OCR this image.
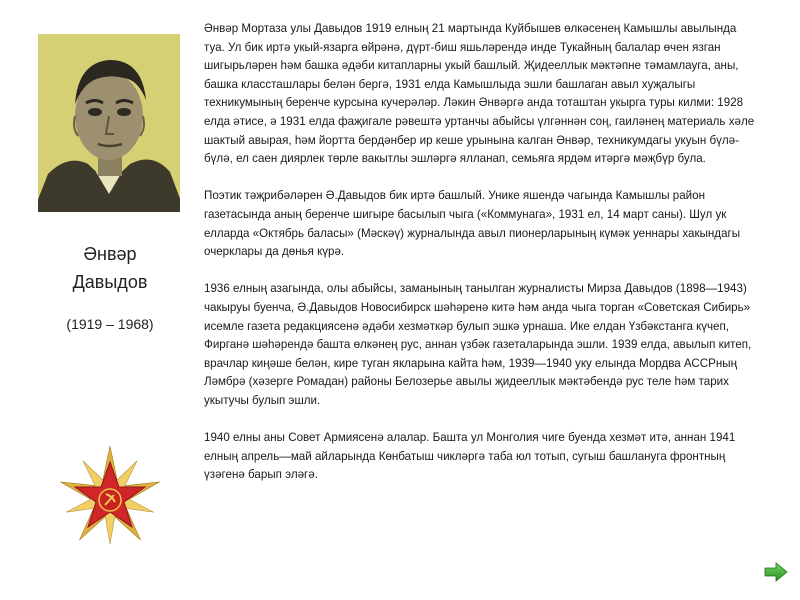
Әнвәр
Давыдов
(1919 – 1968)

Әнвәр Мортаза улы Давыдов 1919 елның 21 мартында Куйбышев өлкәсенең Камышлы авылында туа. Ул бик иртә укый-язарга өйрәнә, дүрт-биш яшьләрендә инде Тукайның балалар өчен язган шигырьләрен һәм башка әдәби китапларны укый башлый. Җидееллык мәктәпне тәмамлауга, аны, башка классташлары белән бергә, 1931 елда Камышлыда эшли башлаган авыл хуҗалыгы техникумының беренче курсына кучерәләр. Ләкин Әнвәргә анда тоташтан укырга туры килми: 1928 елда әтисе, ә 1931 елда фаҗигале рәвештә уртанчы абыйсы үлгәннән соң, гаиләнең материаль хәле шактый авырая, һәм йортта бердәнбер ир кеше урынына калган Әнвәр, техникумдагы укуын бүлә-бүлә, ел саен диярлек төрле вакытлы эшләргә ялланап, семьяга ярдәм итәргә мәҗбүр була.

Поэтик тәҗрибәләрен Ә.Давыдов бик иртә башлый. Унике яшендә чагында Камышлы район газетасында аның беренче шигыре басылып чыга («Коммунага», 1931 ел, 14 март саны). Шул ук елларда «Октябрь баласы» (Мәскәү) журналында авыл пионерларының күмәк уеннары хакындагы очерклары да дөнья күрә.

1936 елның азагында, олы абыйсы, заманының танылган журналисты Мирза Давыдов (1898—1943) чакыруы буенча, Ә.Давыдов Новосибирск шәһәренә китә һәм анда чыга торган «Советская Сибирь» исемле газета редакциясенә әдәби хезмәткәр булып эшкә урнаша. Ике елдан Үзбәкстанга күчеп, Фирганә шәһәрендә башта өлкәнең рус, аннан үзбәк газеталарында эшли. 1939 елда, авылып китеп, врачлар киңәше белән, кире туган якларына кайта һәм, 1939—1940 уку елында Мордва АССРның Ләмбрә (хәзерге Ромадан) районы Белозерье авылы җидееллык мәктәбендә рус теле һәм тарих укытучы булып эшли.

1940 елны аны Совет Армиясенә алалар. Башта ул Монголия чиге буенда хезмәт итә, аннан 1941 елның апрель—май айларында Көнбатыш чикләргә таба юл тотып, сугыш башлануга фронтның үзәгенә барып эләгә.
